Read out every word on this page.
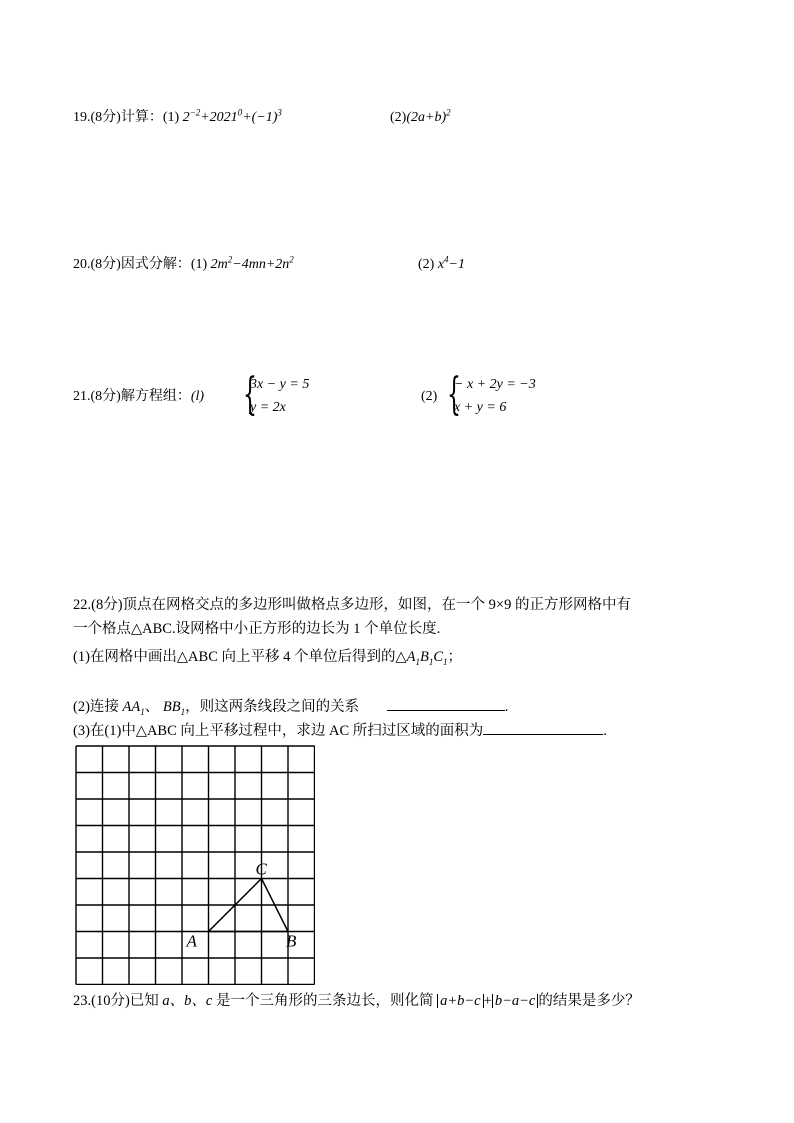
19.(8分)计算：(1) $2^{-2}+2021^0+(-1)^3$	$(2)(2a+b)^2$
20.(8分)因式分解：(1) $2m^2-4mn+2n^2$	(2) $x^4-1$
21.(8分)解方程组：(l) {
3x − y = 5
y = 2x
(2) {
− x + 2y = −3
x + y = 6
22.(8分)顶点在网格交点的多边形叫做格点多边形，如图，在一个 9×9 的正方形网格中有
一个格点△ABC.设网格中小正方形的边长为 1 个单位长度.
(1)在网格中画出△ABC 向上平移 4 个单位后得到的$\triangle A_1B_1C_1$；
(2)连接 $AA_1$、 $BB_1$，则这两条线段之间的关系	.
(3)在(1)中△ABC 向上平移过程中，求边 AC 所扫过区域的面积为	.
A	B
C
23.(10分)已知 a、b、c 是一个三角形的三条边长，则化简 a+b−c + b−a−c 的结果是多少？
